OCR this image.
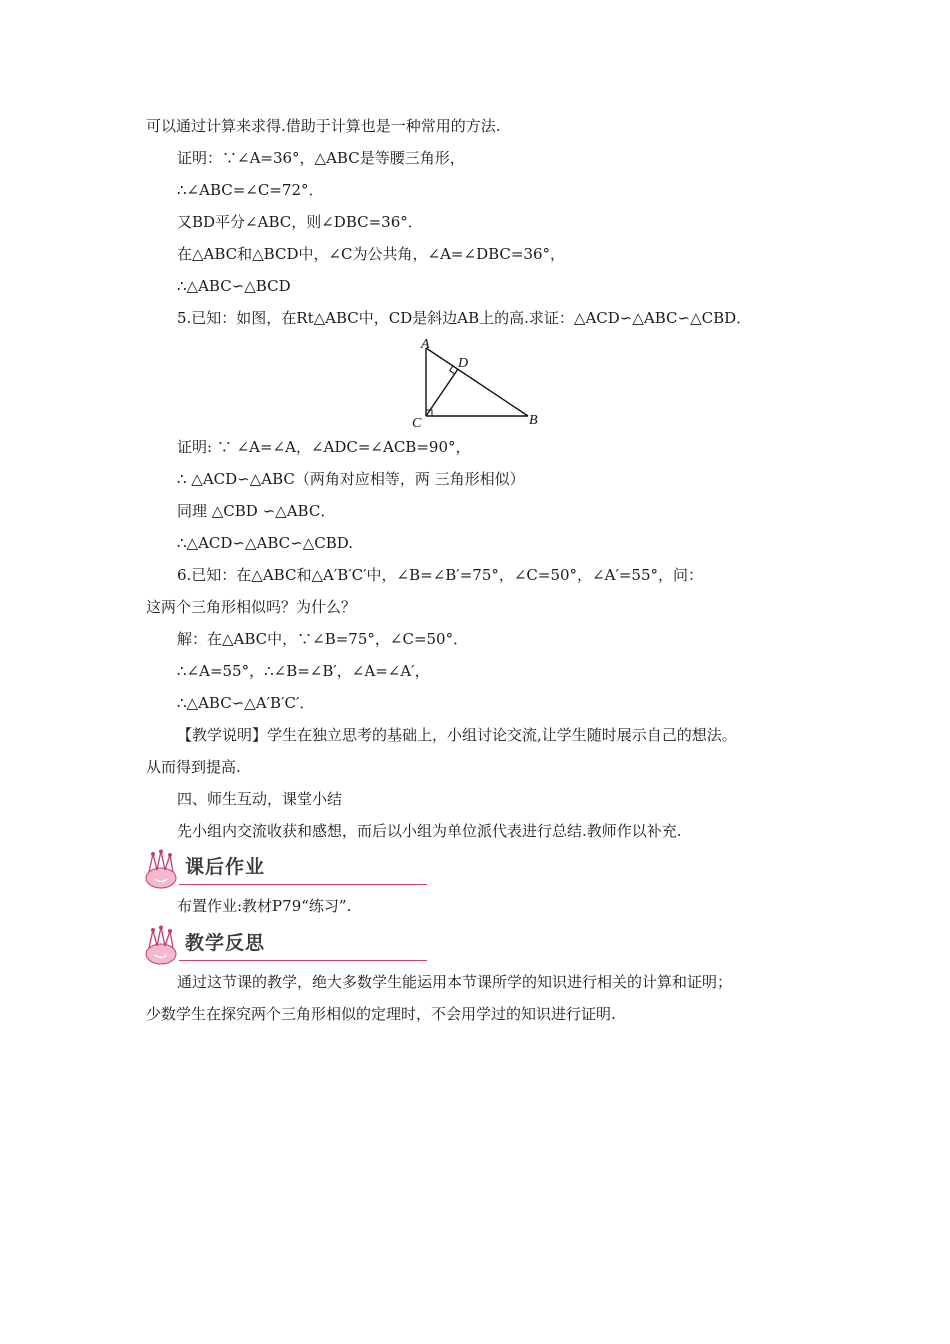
可以通过计算来求得.借助于计算也是一种常用的方法.
证明：∵∠A=36°，△ABC是等腰三角形，
∴∠ABC=∠C=72°．
又BD平分∠ABC，则∠DBC=36°．
在△ABC和△BCD中，∠C为公共角，∠A=∠DBC=36°，
∴△ABC∽△BCD
5.已知：如图，在Rt△ABC中，CD是斜边AB上的高.求证：△ACD∽△ABC∽△CBD．
A
D
C	B
证明: ∵ ∠A=∠A，∠ADC=∠ACB=90°，
∴ △ACD∽△ABC（两角对应相等，两 三角形相似）
同理 △CBD ∽△ABC．
∴△ACD∽△ABC∽△CBD.
6.已知：在△ABC和△A′B′C′中，∠B=∠B′=75°，∠C=50°，∠A′=55°，问：
这两个三角形相似吗？为什么？
解：在△ABC中，∵∠B=75°，∠C=50°．
∴∠A=55°，∴∠B=∠B′，∠A=∠A′，
∴△ABC∽△A′B′C′．
【教学说明】学生在独立思考的基础上，小组讨论交流,让学生随时展示自己的想法。
从而得到提高.
四、师生互动，课堂小结
先小组内交流收获和感想，而后以小组为单位派代表进行总结.教师作以补充.
课后作业
布置作业:教材P79“练习”.
教学反思
通过这节课的教学，绝大多数学生能运用本节课所学的知识进行相关的计算和证明；
少数学生在探究两个三角形相似的定理时，不会用学过的知识进行证明.
